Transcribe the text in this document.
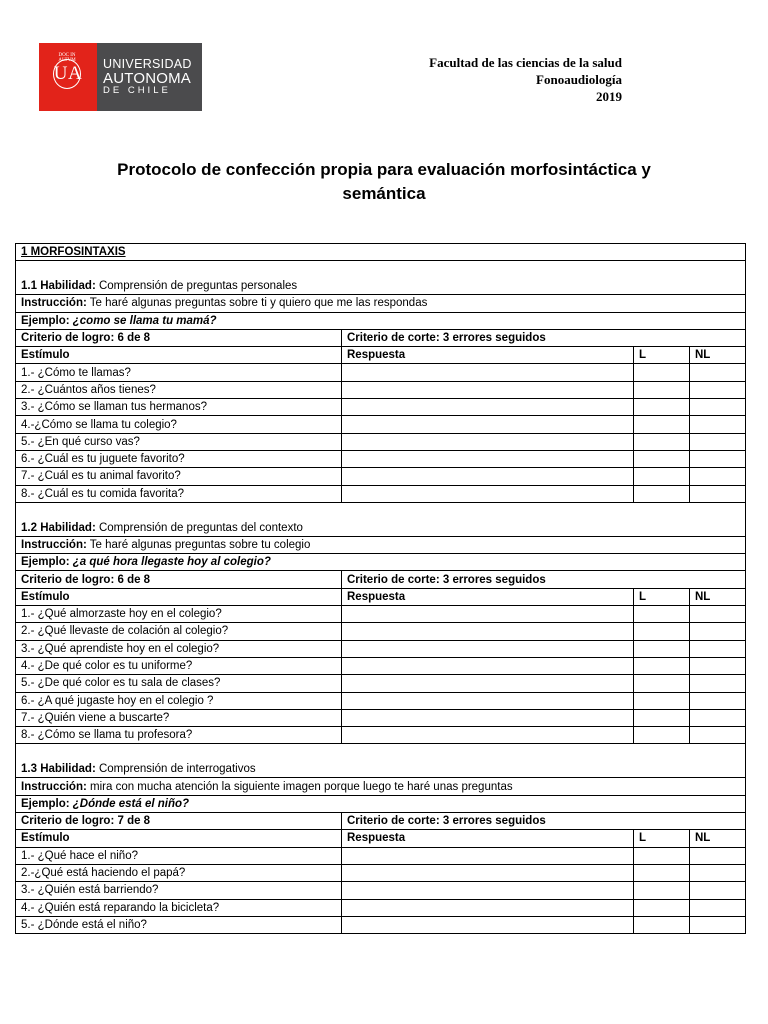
DOC IN ALTVM
UA	UNIVERSIDAD
AUTONOMA
DE CHILE
Facultad de las ciencias de la salud
Fonoaudiología
2019
Protocolo de confección propia para evaluación morfosintáctica y
semántica
1 MORFOSINTAXIS			
1.1 Habilidad: Comprensión de preguntas personales			
Instrucción: Te haré algunas preguntas sobre ti y quiero que me las respondas			
Ejemplo: ¿como se llama tu mamá?			
Criterio de logro: 6 de 8	Criterio de corte: 3 errores seguidos		
Estímulo	Respuesta	L	NL
1.- ¿Cómo te llamas?			
2.- ¿Cuántos años tienes?			
3.- ¿Cómo se llaman tus hermanos?			
4.-¿Cómo se llama tu colegio?			
5.- ¿En qué curso vas?			
6.- ¿Cuál es tu juguete favorito?			
7.- ¿Cuál es tu animal favorito?			
8.- ¿Cuál es tu comida favorita?			
1.2 Habilidad: Comprensión de preguntas del contexto			
Instrucción: Te haré algunas preguntas sobre tu colegio			
Ejemplo: ¿a qué hora llegaste hoy al colegio?			
Criterio de logro: 6 de 8	Criterio de corte: 3 errores seguidos		
Estímulo	Respuesta	L	NL
1.- ¿Qué almorzaste hoy en el colegio?			
2.- ¿Qué llevaste de colación al colegio?			
3.- ¿Qué aprendiste hoy en el colegio?			
4.- ¿De qué color es tu uniforme?			
5.- ¿De qué color es tu sala de clases?			
6.- ¿A qué jugaste hoy en el colegio ?			
7.- ¿Quién viene a buscarte?			
8.- ¿Cómo se llama tu profesora?			
1.3 Habilidad: Comprensión de interrogativos			
Instrucción: mira con mucha atención la siguiente imagen porque luego te haré unas preguntas			
Ejemplo: ¿Dónde está el niño?			
Criterio de logro: 7 de 8	Criterio de corte: 3 errores seguidos		
Estímulo	Respuesta	L	NL
1.- ¿Qué hace el niño?			
2.-¿Qué está haciendo el papá?			
3.- ¿Quién está barriendo?			
4.- ¿Quién está reparando la bicicleta?			
5.- ¿Dónde está el niño?			
